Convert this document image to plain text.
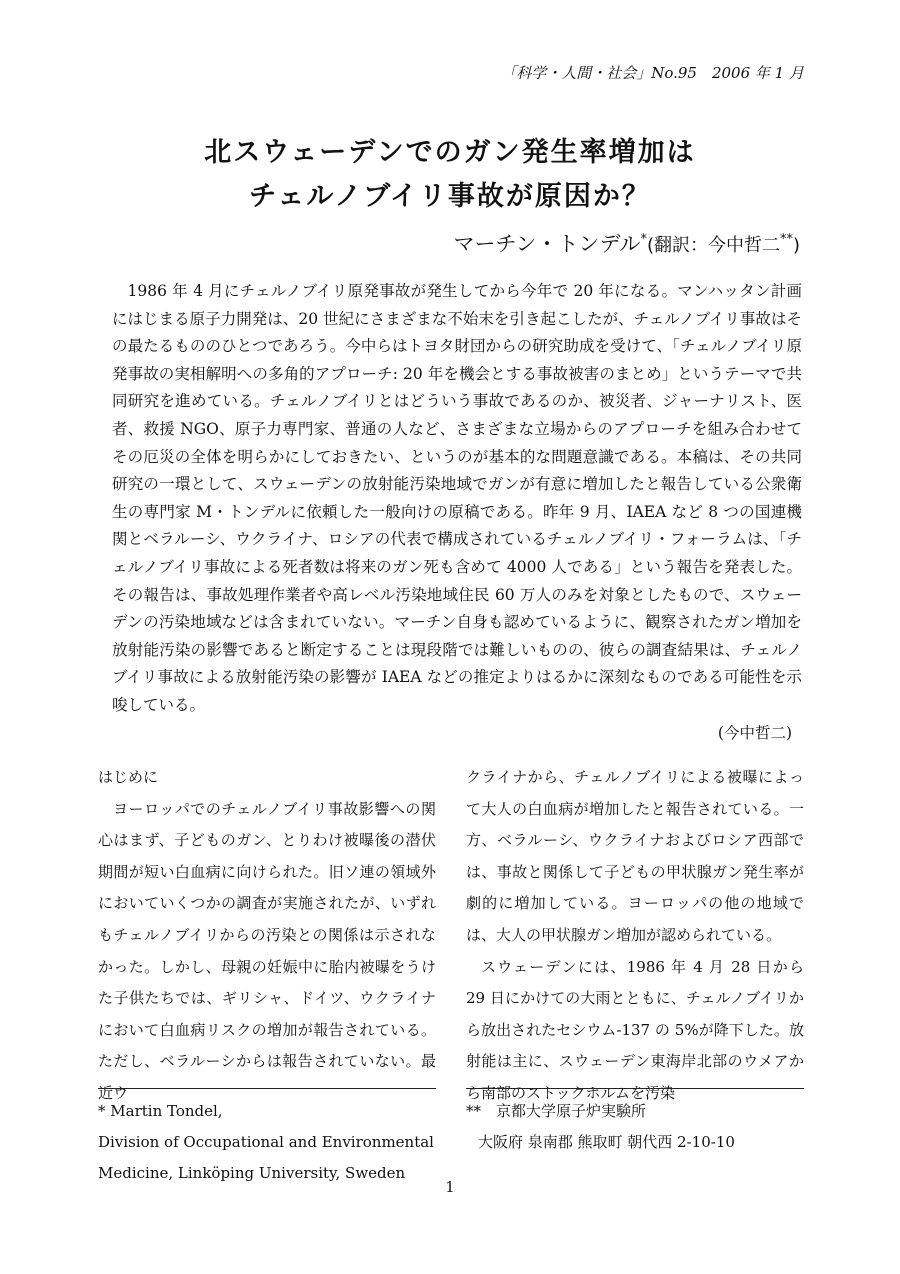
「科学・人間・社会」No.95　2006 年 1 月
北スウェーデンでのガン発生率増加は
チェルノブイリ事故が原因か？
マーチン・トンデル*(翻訳：今中哲二**)

1986 年 4 月にチェルノブイリ原発事故が発生してから今年で 20 年になる。マンハッタン計画にはじまる原子力開発は、20 世紀にさまざまな不始末を引き起こしたが、チェルノブイリ事故はその最たるもののひとつであろう。今中らはトヨタ財団からの研究助成を受けて、「チェルノブイリ原発事故の実相解明への多角的アプローチ: 20 年を機会とする事故被害のまとめ」というテーマで共同研究を進めている。チェルノブイリとはどういう事故であるのか、被災者、ジャーナリスト、医者、救援 NGO、原子力専門家、普通の人など、さまざまな立場からのアプローチを組み合わせてその厄災の全体を明らかにしておきたい、というのが基本的な問題意識である。本稿は、その共同研究の一環として、スウェーデンの放射能汚染地域でガンが有意に増加したと報告している公衆衛生の専門家 M・トンデルに依頼した一般向けの原稿である。昨年 9 月、IAEA など 8 つの国連機関とベラルーシ、ウクライナ、ロシアの代表で構成されているチェルノブイリ・フォーラムは、「チェルノブイリ事故による死者数は将来のガン死も含めて 4000 人である」という報告を発表した。その報告は、事故処理作業者や高レベル汚染地域住民 60 万人のみを対象としたもので、スウェーデンの汚染地域などは含まれていない。マーチン自身も認めているように、観察されたガン増加を放射能汚染の影響であると断定することは現段階では難しいものの、彼らの調査結果は、チェルノブイリ事故による放射能汚染の影響が IAEA などの推定よりはるかに深刻なものである可能性を示唆している。

(今中哲二)
はじめに

ヨーロッパでのチェルノブイリ事故影響への関心はまず、子どものガン、とりわけ被曝後の潜伏期間が短い白血病に向けられた。旧ソ連の領域外においていくつかの調査が実施されたが、いずれもチェルノブイリからの汚染との関係は示されなかった。しかし、母親の妊娠中に胎内被曝をうけた子供たちでは、ギリシャ、ドイツ、ウクライナにおいて白血病リスクの増加が報告されている。ただし、ベラルーシからは報告されていない。最近ウ

クライナから、チェルノブイリによる被曝によって大人の白血病が増加したと報告されている。一方、ベラルーシ、ウクライナおよびロシア西部では、事故と関係して子どもの甲状腺ガン発生率が劇的に増加している。ヨーロッパの他の地域では、大人の甲状腺ガン増加が認められている。

スウェーデンには、1986 年 4 月 28 日から 29 日にかけての大雨とともに、チェルノブイリから放出されたセシウム-137 の 5%が降下した。放射能は主に、スウェーデン東海岸北部のウメアから南部のストックホルムを汚染

* Martin Tondel,
Division of Occupational and Environmental
Medicine, Linköping University, Sweden
**　京都大学原子炉実験所
大阪府 泉南郡 熊取町 朝代西 2-10-10
1
